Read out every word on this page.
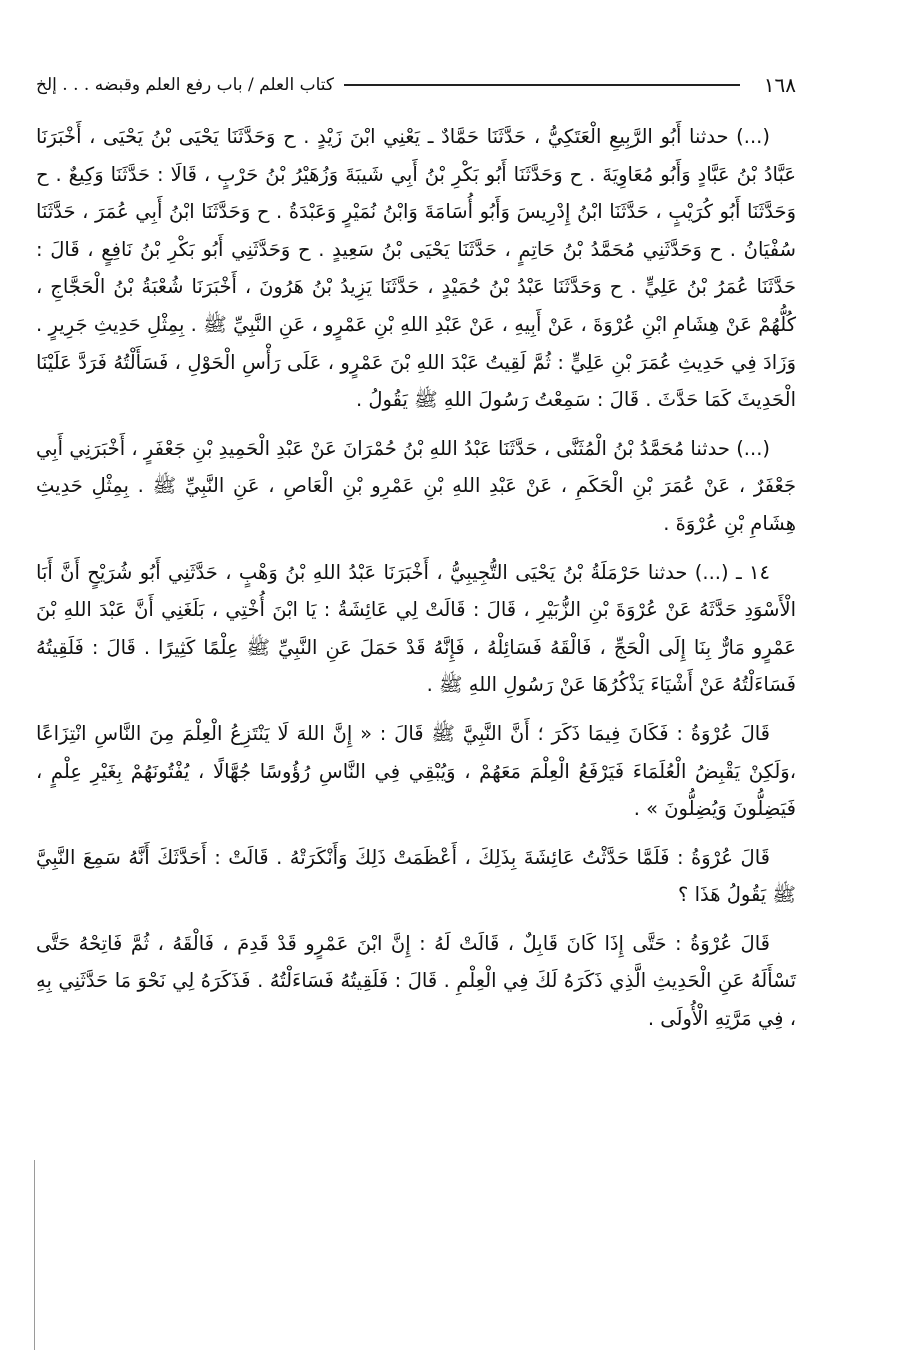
١٦٨
كتاب العلم / باب رفع العلم وقبضه . . . إلخ

(...) حدثنا أَبُو الرَّبِيعِ الْعَتَكِيُّ ، حَدَّثَنَا حَمَّادٌ ـ يَعْنِي ابْنَ زَيْدٍ . ح وَحَدَّثَنَا يَحْيَى بْنُ يَحْيَى ، أَخْبَرَنَا عَبَّادُ بْنُ عَبَّادٍ وَأَبُو مُعَاوِيَةَ . ح وَحَدَّثَنَا أَبُو بَكْرِ بْنُ أَبِي شَيبَةَ وَزُهَيْرُ بْنُ حَرْبٍ ، قَالَا : حَدَّثَنَا وَكِيعٌ . ح وَحَدَّثَنَا أَبُو كُرَيْبٍ ، حَدَّثَنَا ابْنُ إِدْرِيسَ وَأَبُو أُسَامَةَ وَابْنُ نُمَيْرٍ وَعَبْدَةُ . ح وَحَدَّثَنَا ابْنُ أَبِي عُمَرَ ، حَدَّثَنَا سُفْيَانُ . ح وَحَدَّثَنِي مُحَمَّدُ بْنُ حَاتِمٍ ، حَدَّثَنَا يَحْيَى بْنُ سَعِيدٍ . ح وَحَدَّثَنِي أَبُو بَكْرِ بْنُ نَافِعٍ ، قَالَ : حَدَّثَنَا عُمَرُ بْنُ عَلِيٍّ . ح وَحَدَّثَنَا عَبْدُ بْنُ حُمَيْدٍ ، حَدَّثَنَا يَزِيدُ بْنُ هَرُونَ ، أَخْبَرَنَا شُعْبَةُ بْنُ الْحَجَّاجِ ، كُلُّهُمْ عَنْ هِشَامِ ابْنِ عُرْوَةَ ، عَنْ أَبِيهِ ، عَنْ عَبْدِ اللهِ بْنِ عَمْرٍو ، عَنِ النَّبِيِّ ﷺ . بِمِثْلِ حَدِيثِ جَرِيرٍ . وَزَادَ فِي حَدِيثِ عُمَرَ بْنِ عَلِيٍّ : ثُمَّ لَقِيتُ عَبْدَ اللهِ بْنَ عَمْرٍو ، عَلَى رَأْسِ الْحَوْلِ ، فَسَأَلْتُهُ فَرَدَّ عَلَيْنَا الْحَدِيثَ كَمَا حَدَّثَ . قَالَ : سَمِعْتُ رَسُولَ اللهِ ﷺ يَقُولُ .

(...) حدثنا مُحَمَّدُ بْنُ الْمُثَنَّى ، حَدَّثَنَا عَبْدُ اللهِ بْنُ حُمْرَانَ عَنْ عَبْدِ الْحَمِيدِ بْنِ جَعْفَرٍ ، أَخْبَرَنِي أَبِي جَعْفَرٌ ، عَنْ عُمَرَ بْنِ الْحَكَمِ ، عَنْ عَبْدِ اللهِ بْنِ عَمْرِو بْنِ الْعَاصِ ، عَنِ النَّبِيِّ ﷺ . بِمِثْلِ حَدِيثِ هِشَامِ بْنِ عُرْوَةَ .

١٤ ـ (...) حدثنا حَرْمَلَةُ بْنُ يَحْيَى التُّجِيبِيُّ ، أَخْبَرَنَا عَبْدُ اللهِ بْنُ وَهْبٍ ، حَدَّثَنِي أَبُو شُرَيْحٍ أَنَّ أَبَا الْأَسْوَدِ حَدَّثَهُ عَنْ عُرْوَةَ بْنِ الزُّبَيْرِ ، قَالَ : قَالَتْ لِي عَائِشَةُ : يَا ابْنَ أُخْتِي ، بَلَغَنِي أَنَّ عَبْدَ اللهِ بْنَ عَمْرٍو مَارٌّ بِنَا إِلَى الْحَجِّ ، فَالْقَهُ فَسَائِلْهُ ، فَإِنَّهُ قَدْ حَمَلَ عَنِ النَّبِيِّ ﷺ عِلْمًا كَثِيرًا . قَالَ : فَلَقِيتُهُ فَسَاءَلْتُهُ عَنْ أَشْيَاءَ يَذْكُرُهَا عَنْ رَسُولِ اللهِ ﷺ .

قَالَ عُرْوَةُ : فَكَانَ فِيمَا ذَكَرَ ؛ أَنَّ النَّبِيَّ ﷺ قَالَ : « إِنَّ اللهَ لَا يَنْتَزِعُ الْعِلْمَ مِنَ النَّاسِ انْتِزَاعًا ،وَلَكِنْ يَقْبِضُ الْعُلَمَاءَ فَيَرْفَعُ الْعِلْمَ مَعَهُمْ ، وَيُبْقِي فِي النَّاسِ رُؤُوسًا جُهَّالًا ، يُفْتُونَهُمْ بِغَيْرِ عِلْمٍ ، فَيَضِلُّونَ وَيُضِلُّونَ » .

قَالَ عُرْوَةُ : فَلَمَّا حَدَّثْتُ عَائِشَةَ بِذَلِكَ ، أَعْظَمَتْ ذَلِكَ وَأَنْكَرَتْهُ . قَالَتْ : أَحَدَّثَكَ أَنَّهُ سَمِعَ النَّبِيَّ ﷺ يَقُولُ هَذَا ؟

قَالَ عُرْوَةُ : حَتَّى إِذَا كَانَ قَابِلٌ ، قَالَتْ لَهُ : إِنَّ ابْنَ عَمْرٍو قَدْ قَدِمَ ، فَالْقَهُ ، ثُمَّ فَاتِحْهُ حَتَّى تَسْأَلَهُ عَنِ الْحَدِيثِ الَّذِي ذَكَرَهُ لَكَ فِي الْعِلْمِ . قَالَ : فَلَقِيتُهُ فَسَاءَلْتُهُ . فَذَكَرَهُ لِي نَحْوَ مَا حَدَّثَنِي بِهِ ، فِي مَرَّتِهِ الْأُولَى .
